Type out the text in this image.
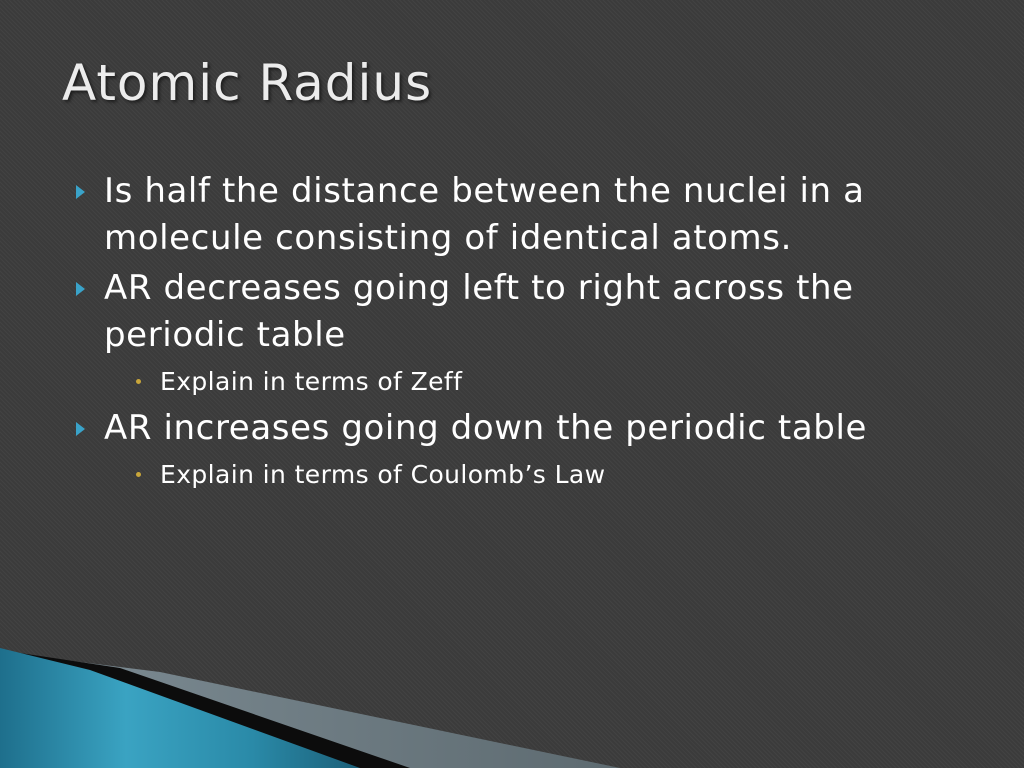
Atomic Radius
Is half the distance between the nuclei in a molecule consisting of identical atoms.
AR decreases going left to right across the periodic table
Explain in terms of Zeff
AR increases going down the periodic table
Explain in terms of Coulomb’s Law
